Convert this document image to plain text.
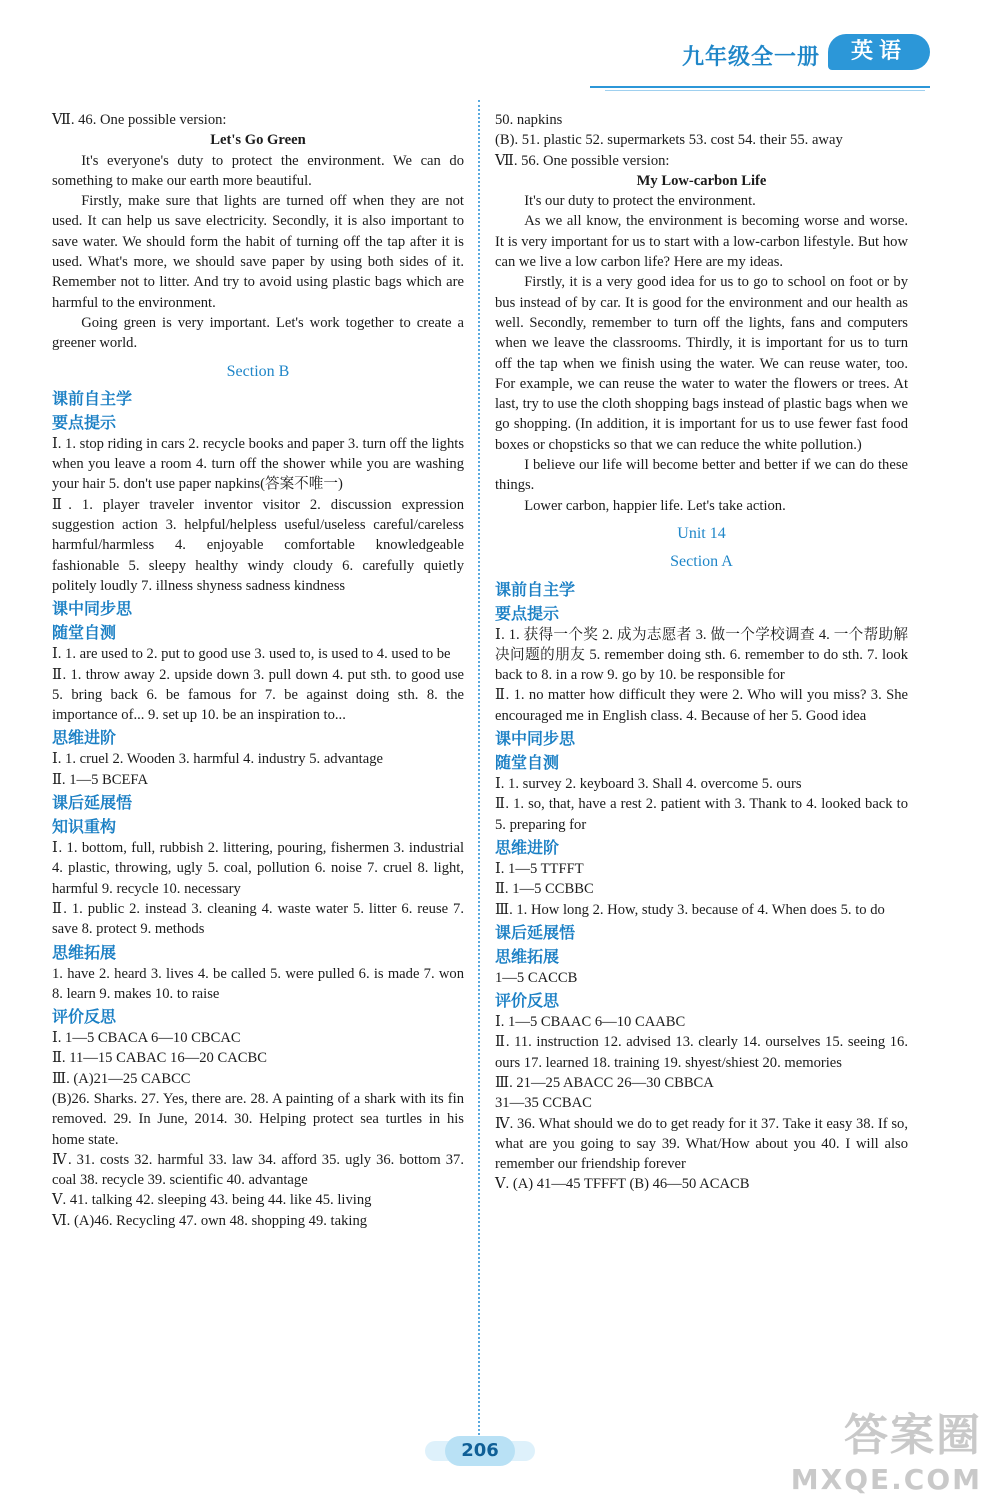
九年级全一册	英语

Ⅶ. 46. One possible version:

Let's Go Green

It's everyone's duty to protect the environment. We can do something to make our earth more beautiful.

Firstly, make sure that lights are turned off when they are not used. It can help us save electricity. Secondly, it is also important to save water. We should form the habit of turning off the tap after it is used. What's more, we should save paper by using both sides of it. Remember not to litter. And try to avoid using plastic bags which are harmful to the environment.

Going green is very important. Let's work together to create a greener world.

Section B

课前自主学

要点提示

Ⅰ. 1. stop riding in cars 2. recycle books and paper 3. turn off the lights when you leave a room 4. turn off the shower while you are washing your hair 5. don't use paper napkins(答案不唯一)

Ⅱ. 1. player traveler inventor visitor 2. discussion expression suggestion action 3. helpful/helpless useful/useless careful/careless harmful/harmless 4. enjoyable comfortable knowledgeable fashionable 5. sleepy healthy windy cloudy 6. carefully quietly politely loudly 7. illness shyness sadness kindness

课中同步思

随堂自测

Ⅰ. 1. are used to 2. put to good use 3. used to, is used to 4. used to be

Ⅱ. 1. throw away 2. upside down 3. pull down 4. put sth. to good use 5. bring back 6. be famous for 7. be against doing sth. 8. the importance of... 9. set up 10. be an inspiration to...

思维进阶

Ⅰ. 1. cruel 2. Wooden 3. harmful 4. industry 5. advantage

Ⅱ. 1—5 BCEFA

课后延展悟

知识重构

Ⅰ. 1. bottom, full, rubbish 2. littering, pouring, fishermen 3. industrial 4. plastic, throwing, ugly 5. coal, pollution 6. noise 7. cruel 8. light, harmful 9. recycle 10. necessary

Ⅱ. 1. public 2. instead 3. cleaning 4. waste water 5. litter 6. reuse 7. save 8. protect 9. methods

思维拓展

1. have 2. heard 3. lives 4. be called 5. were pulled 6. is made 7. won 8. learn 9. makes 10. to raise

评价反思

Ⅰ. 1—5 CBACA 6—10 CBCAC

Ⅱ. 11—15 CABAC 16—20 CACBC

Ⅲ. (A)21—25 CABCC

(B)26. Sharks. 27. Yes, there are. 28. A painting of a shark with its fin removed. 29. In June, 2014. 30. Helping protect sea turtles in his home state.

Ⅳ. 31. costs 32. harmful 33. law 34. afford 35. ugly 36. bottom 37. coal 38. recycle 39. scientific 40. advantage

Ⅴ. 41. talking 42. sleeping 43. being 44. like 45. living

Ⅵ. (A)46. Recycling 47. own 48. shopping 49. taking

50. napkins

(B). 51. plastic 52. supermarkets 53. cost 54. their 55. away

Ⅶ. 56. One possible version:

My Low-carbon Life

It's our duty to protect the environment.

As we all know, the environment is becoming worse and worse. It is very important for us to start with a low-carbon lifestyle. But how can we live a low carbon life? Here are my ideas.

Firstly, it is a very good idea for us to go to school on foot or by bus instead of by car. It is good for the environment and our health as well. Secondly, remember to turn off the lights, fans and computers when we leave the classrooms. Thirdly, it is important for us to turn off the tap when we finish using the water. We can reuse water, too. For example, we can reuse the water to water the flowers or trees. At last, try to use the cloth shopping bags instead of plastic bags when we go shopping. (In addition, it is important for us to use fewer fast food boxes or chopsticks so that we can reduce the white pollution.)

I believe our life will become better and better if we can do these things.

Lower carbon, happier life. Let's take action.

Unit 14

Section A

课前自主学

要点提示

Ⅰ. 1. 获得一个奖 2. 成为志愿者 3. 做一个学校调查 4. 一个帮助解决问题的朋友 5. remember doing sth. 6. remember to do sth. 7. look back to 8. in a row 9. go by 10. be responsible for

Ⅱ. 1. no matter how difficult they were 2. Who will you miss? 3. She encouraged me in English class. 4. Because of her 5. Good idea

课中同步思

随堂自测

Ⅰ. 1. survey 2. keyboard 3. Shall 4. overcome 5. ours

Ⅱ. 1. so, that, have a rest 2. patient with 3. Thank to 4. looked back to 5. preparing for

思维进阶

Ⅰ. 1—5 TTFFT

Ⅱ. 1—5 CCBBC

Ⅲ. 1. How long 2. How, study 3. because of 4. When does 5. to do

课后延展悟

思维拓展

1—5 CACCB

评价反思

Ⅰ. 1—5 CBAAC 6—10 CAABC

Ⅱ. 11. instruction 12. advised 13. clearly 14. ourselves 15. seeing 16. ours 17. learned 18. training 19. shyest/shiest 20. memories

Ⅲ. 21—25 ABACC 26—30 CBBCA

31—35 CCBAC

Ⅳ. 36. What should we do to get ready for it 37. Take it easy 38. If so, what are you going to say 39. What/How about you 40. I will also remember our friendship forever

Ⅴ. (A) 41—45 TFFFT (B) 46—50 ACACB

206	答案圈
MXQE.COM
